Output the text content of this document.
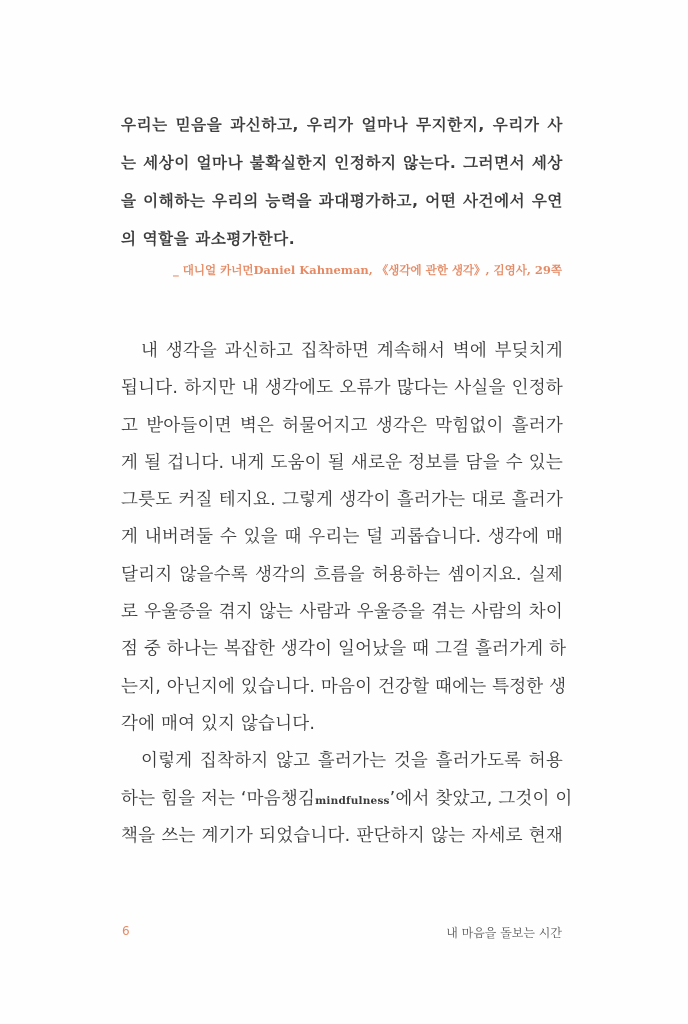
우리는 믿음을 과신하고, 우리가 얼마나 무지한지, 우리가 사
는 세상이 얼마나 불확실한지 인정하지 않는다. 그러면서 세상
을 이해하는 우리의 능력을 과대평가하고, 어떤 사건에서 우연
의 역할을 과소평가한다.
_ 대니얼 카너먼Daniel Kahneman, 《생각에 관한 생각》, 김영사, 29쪽
내 생각을 과신하고 집착하면 계속해서 벽에 부딪치게
됩니다. 하지만 내 생각에도 오류가 많다는 사실을 인정하
고 받아들이면 벽은 허물어지고 생각은 막힘없이 흘러가
게 될 겁니다. 내게 도움이 될 새로운 정보를 담을 수 있는
그릇도 커질 테지요. 그렇게 생각이 흘러가는 대로 흘러가
게 내버려둘 수 있을 때 우리는 덜 괴롭습니다. 생각에 매
달리지 않을수록 생각의 흐름을 허용하는 셈이지요. 실제
로 우울증을 겪지 않는 사람과 우울증을 겪는 사람의 차이
점 중 하나는 복잡한 생각이 일어났을 때 그걸 흘러가게 하
는지, 아닌지에 있습니다. 마음이 건강할 때에는 특정한 생
각에 매여 있지 않습니다.
이렇게 집착하지 않고 흘러가는 것을 흘러가도록 허용
하는 힘을 저는 ‘마음챙김mindfulness’에서 찾았고, 그것이 이
책을 쓰는 계기가 되었습니다. 판단하지 않는 자세로 현재
6	내 마음을 돌보는 시간
